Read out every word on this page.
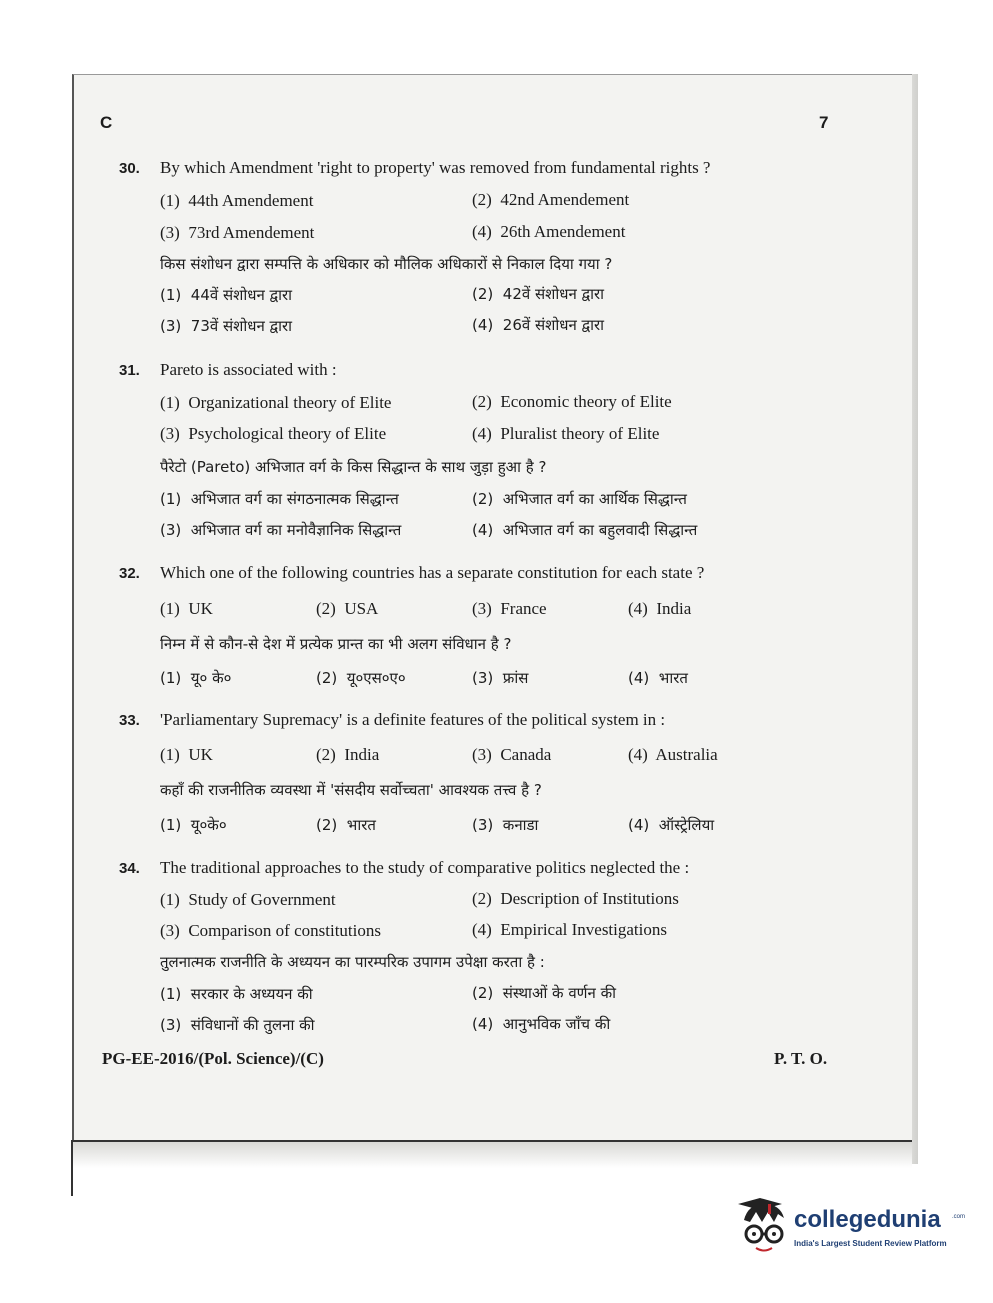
C	7
30. By which Amendment 'right to property' was removed from fundamental rights ?
(1) 44th Amendement	(2) 42nd Amendement
(3) 73rd Amendement	(4) 26th Amendement
किस संशोधन द्वारा सम्पत्ति के अधिकार को मौलिक अधिकारों से निकाल दिया गया ?
(1) 44वें संशोधन द्वारा	(2) 42वें संशोधन द्वारा
(3) 73वें संशोधन द्वारा	(4) 26वें संशोधन द्वारा
31. Pareto is associated with :
(1) Organizational theory of Elite	(2) Economic theory of Elite
(3) Psychological theory of Elite	(4) Pluralist theory of Elite
पैरेटो (Pareto) अभिजात वर्ग के किस सिद्धान्त के साथ जुड़ा हुआ है ?
(1) अभिजात वर्ग का संगठनात्मक सिद्धान्त	(2) अभिजात वर्ग का आर्थिक सिद्धान्त
(3) अभिजात वर्ग का मनोवैज्ञानिक सिद्धान्त	(4) अभिजात वर्ग का बहुलवादी सिद्धान्त
32. Which one of the following countries has a separate constitution for each state ?
(1) UK	(2) USA	(3) France	(4) India
निम्न में से कौन-से देश में प्रत्येक प्रान्त का भी अलग संविधान है ?
(1) यू० के०	(2) यू०एस०ए०	(3) फ्रांस	(4) भारत
33. 'Parliamentary Supremacy' is a definite features of the political system in :
(1) UK	(2) India	(3) Canada	(4) Australia
कहाँ की राजनीतिक व्यवस्था में 'संसदीय सर्वोच्चता' आवश्यक तत्त्व है ?
(1) यू०के०	(2) भारत	(3) कनाडा	(4) ऑस्ट्रेलिया
34. The traditional approaches to the study of comparative politics neglected the :
(1) Study of Government	(2) Description of Institutions
(3) Comparison of constitutions	(4) Empirical Investigations
तुलनात्मक राजनीति के अध्ययन का पारम्परिक उपागम उपेक्षा करता है :
(1) सरकार के अध्ययन की	(2) संस्थाओं के वर्णन की
(3) संविधानों की तुलना की	(4) आनुभविक जाँच की
PG-EE-2016/(Pol. Science)/(C)	P. T. O.
collegedunia .com
India's Largest Student Review Platform
